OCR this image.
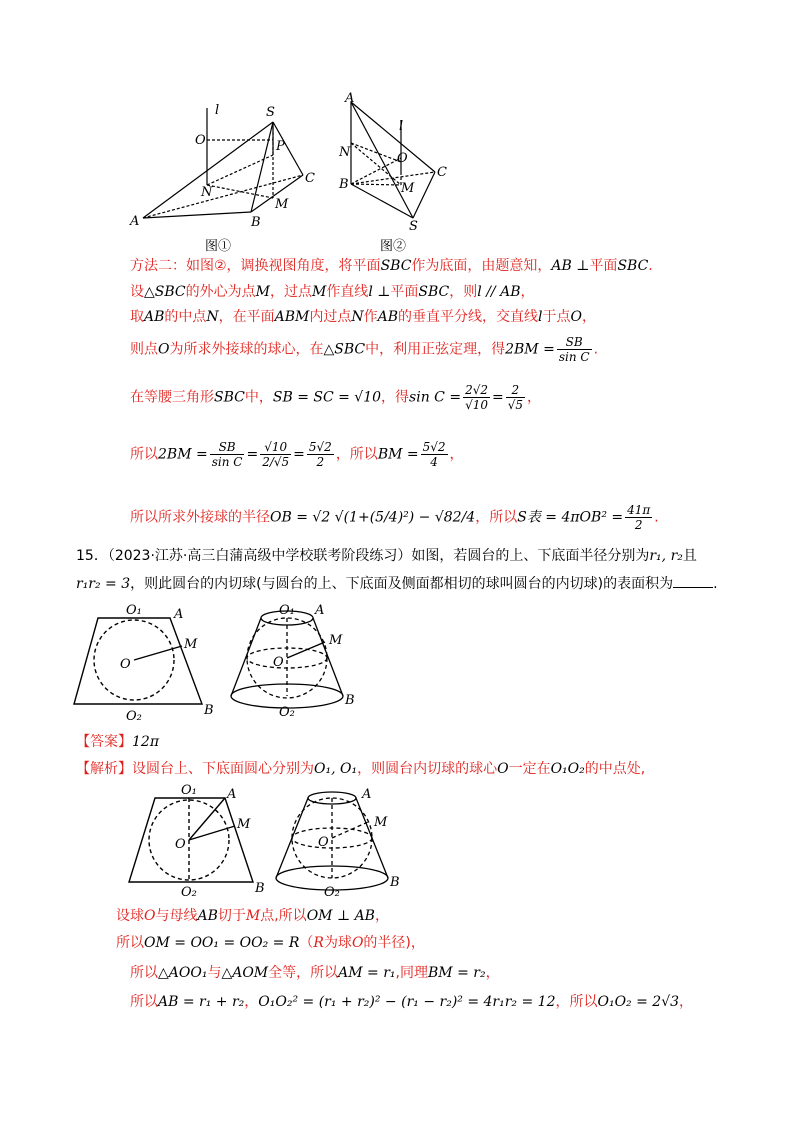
l	S
O	P
N
C
M
A	B
图①
A
l
N	O
C
B	M
S
图②
方法二：如图②，调换视图角度，将平面SBC作为底面，由题意知，AB ⊥平面SBC.
设△SBC的外心为点M，过点M作直线l ⊥平面SBC，则l // AB，
取AB的中点N，在平面ABM内过点N作AB的垂直平分线，交直线l于点O，
则点O为所求外接球的球心，在△SBC中，利用正弦定理，得$2BM = \frac{SB}{\text{sin C}}$ .
在等腰三角形SBC中，SB = SC = √10，得$\sin C = \frac{2√2}{√10} = \frac{2}{√5}$ ，
所以$2BM = \frac{SB}{\text{sin C}} = \frac{√10}{2/√5} = \frac{5√2}{2}$ ，所以BM = $\frac{5√2}{4}$ ，
所以所求外接球的半径OB = √2 √(1+(5/4)²) − √82/4，所以S表 = $4\pi OB^2 = \frac{41\pi}{2}$ .
15．（2023·江苏·高三白蒲高级中学校联考阶段练习）如图，若圆台的上、下底面半径分别为r₁, r₂且
r₁r₂ = 3，则此圆台的内切球(与圆台的上、下底面及侧面都相切的球叫圆台的内切球)的表面积为	.
O₁ A
M
O
O₂	B
O₁ A
M
O
O₂
B
【答案】12π
【解析】设圆台上、下底面圆心分别为O₁, O₁，则圆台内切球的球心O一定在O₁O₂的中点处,
O₁ A
M
O
O₂	B
A
M
O
O₂
B
设球O与母线AB切于M点,所以OM ⊥ AB，
所以OM = OO₁ = OO₂ = R（R为球O的半径)，
所以△AOO₁与△AOM全等，所以AM = r₁,同理BM = r₂，
所以AB = r₁ + r₂，O₁O₂² = (r₁ + r₂)² − (r₁ − r₂)² = 4r₁r₂ = 12，所以O₁O₂ = 2√3，
